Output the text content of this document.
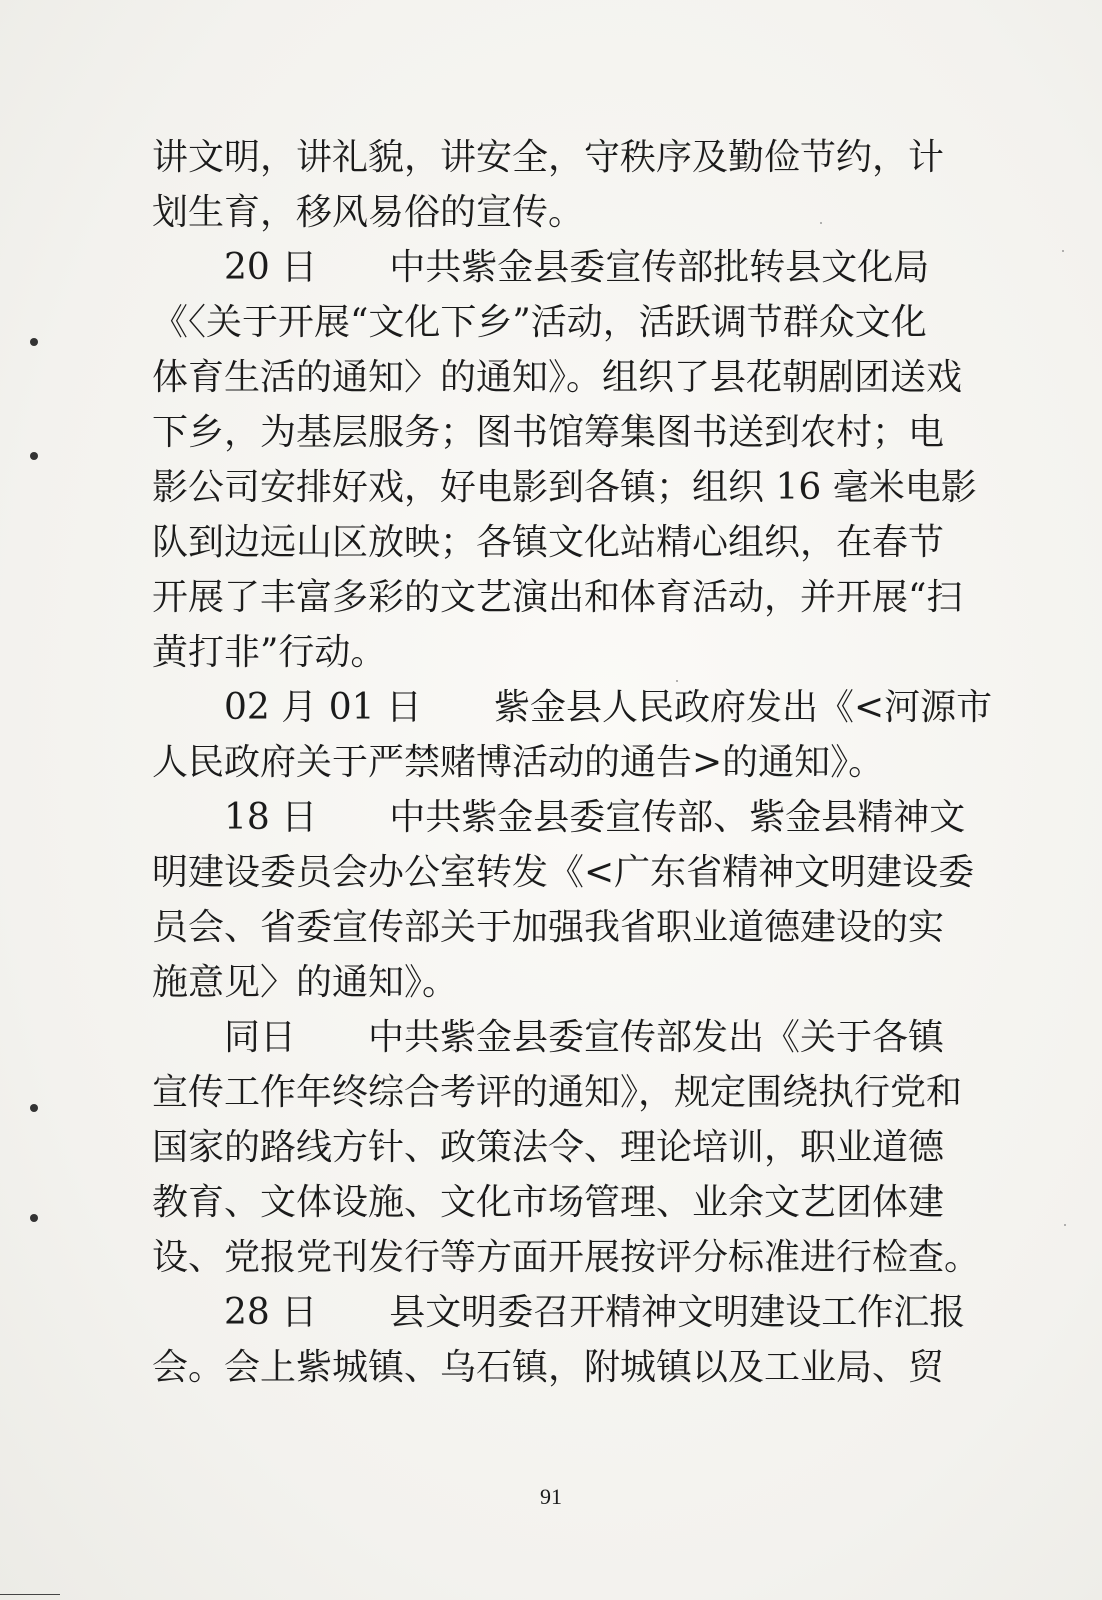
讲文明，讲礼貌，讲安全，守秩序及勤俭节约，计
划生育，移风易俗的宣传。
　　20 日　　中共紫金县委宣传部批转县文化局
《〈关于开展“文化下乡”活动，活跃调节群众文化
体育生活的通知〉的通知》。组织了县花朝剧团送戏
下乡，为基层服务；图书馆筹集图书送到农村；电
影公司安排好戏，好电影到各镇；组织 16 毫米电影
队到边远山区放映；各镇文化站精心组织，在春节
开展了丰富多彩的文艺演出和体育活动，并开展“扫
黄打非”行动。
　　02 月 01 日　　紫金县人民政府发出《<河源市
人民政府关于严禁赌博活动的通告>的通知》。
　　18 日　　中共紫金县委宣传部、紫金县精神文
明建设委员会办公室转发《<广东省精神文明建设委
员会、省委宣传部关于加强我省职业道德建设的实
施意见〉的通知》。
　　同日　　中共紫金县委宣传部发出《关于各镇
宣传工作年终综合考评的通知》，规定围绕执行党和
国家的路线方针、政策法令、理论培训，职业道德
教育、文体设施、文化市场管理、业余文艺团体建
设、党报党刊发行等方面开展按评分标准进行检查。
　　28 日　　县文明委召开精神文明建设工作汇报
会。会上紫城镇、乌石镇，附城镇以及工业局、贸
91
